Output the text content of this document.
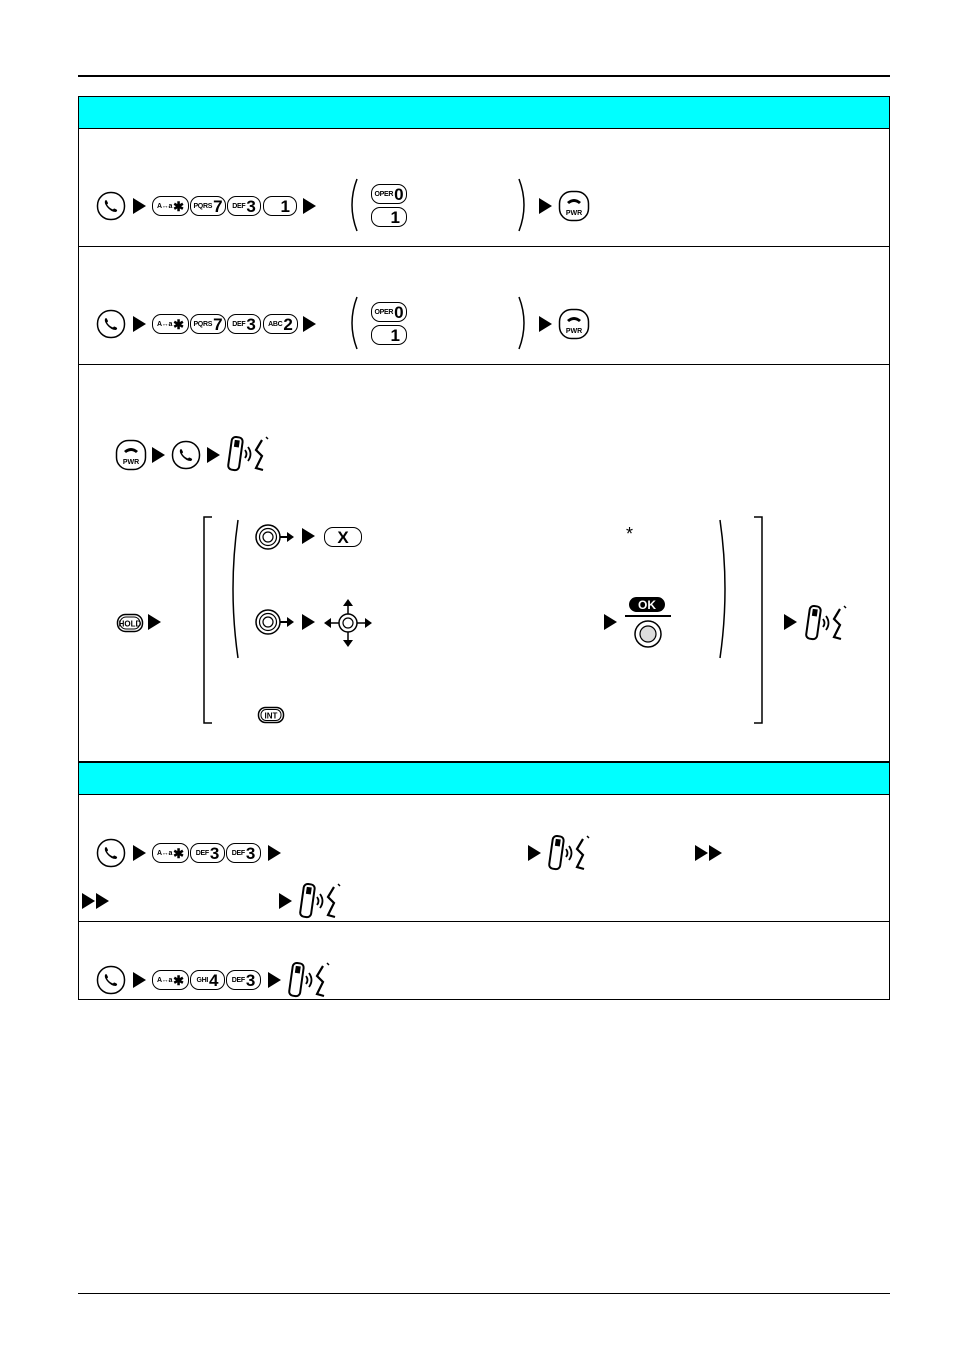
A↔a ✱ PQRS 7 DEF 3 1
OPER 0
1	PWR
A↔a ✱ PQRS 7 DEF 3 ABC 2
OPER 0
1	PWR
PWR
HOLD
X	*
OK
INT
A↔a ✱ DEF 3 DEF 3
A↔a ✱ GHI 4 DEF 3
